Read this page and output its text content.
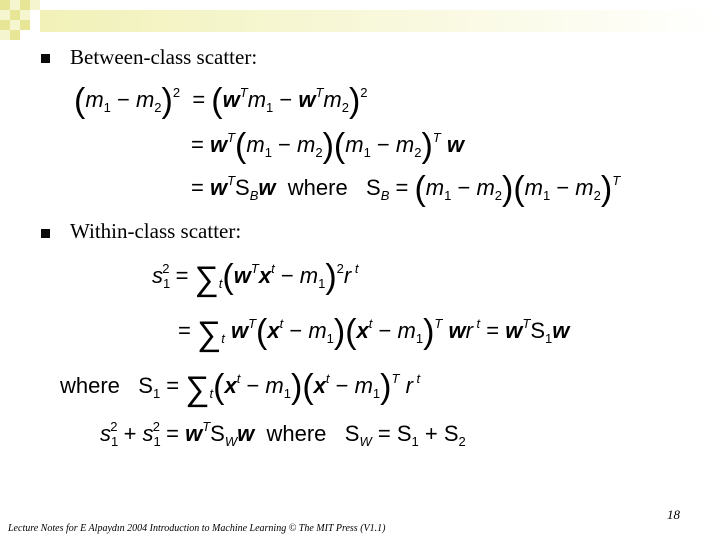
Between-class scatter:
$(m_1 - m_2)^2 = (w^Tm_1 - w^Tm_2)^2$
= $w^T(m_1 - m_2)(m_1 - m_2)^T$ w
= $w^TS_Bw$ where $S_B = (m_1 - m_2)(m_1 - m_2)^T$
Within-class scatter:
$s_1^2 = \sum_t(w^Tx^t - m_1)^2r$ $^t$
= $\sum_t$ $w^T(x^t - m_1)(x^t - m_1)^T$ wr $^t = w^TS_1w$
where $S_1 = \sum_t(x^t - m_1)(x^t - m_1)^T$ r $^t$
$s_1^2 + s_1^2 = w^TS_Ww$ where $S_W = S_1 + S_2$
18
Lecture Notes for E Alpaydın 2004 Introduction to Machine Learning © The MIT Press (V1.1)
